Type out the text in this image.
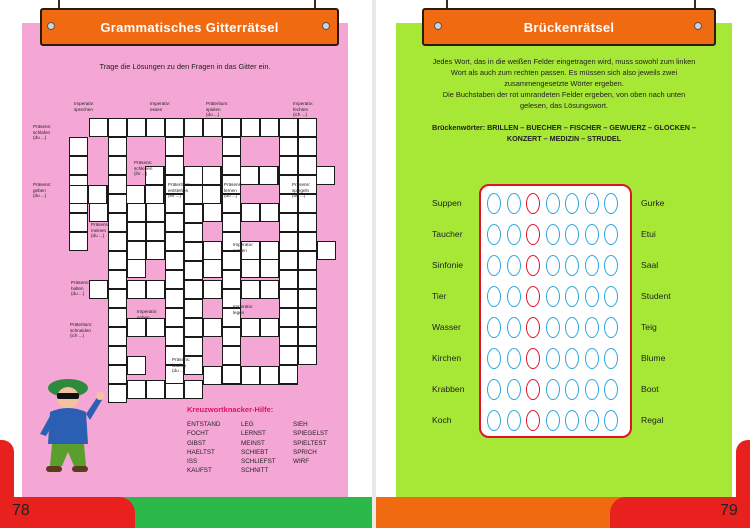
Grammatisches Gitterrätsel
Trage die Lösungen zu den Fragen in das Gitter ein.
Imperativ:
sprechen
Imperativ:
essen
Präteritum:
spielen
(du ...)
Imperativ:
fechten
(ich ...)
Präsens:
schlafen
(du ...)
Präsens:
schleben
(ihr ...)
Präsens:
geben
(du ...)
Präteritum:
entstehen
(es ...)
Präsens:
lernen
(du ...)
Präsens:
spiegeln
(du ...)
Präsens:
meinen
(du ...)
Imperativ:
werfen
Präsens:
halten
(du ...)
Imperativ:
sehen
Imperativ:
legen
Präteritum:
schneiden
(ich ...)
Präsens:
kaufen
(du ...)
Kreuzwortknacker-Hilfe:
ENTSTAND
FOCHT
GIBST
HAELTST
ISS
KAUFST
LEG
LERNST
MEINST
SCHIEBT
SCHLIEFST
SCHNITT
SIEH
SPIEGELST
SPIELTEST
SPRICH
WIRF
78
Brückenrätsel
Jedes Wort, das in die weißen Felder eingetragen wird, muss sowohl zum linken
Wort als auch zum rechten passen. Es müssen sich also jeweils zwei
zusammengesetzte Wörter ergeben.
Die Buchstaben der rot umrandeten Felder ergeben, von oben nach unten
gelesen, das Lösungswort.
Brückenwörter: BRILLEN – BUECHER – FISCHER – GEWUERZ – GLOCKEN –
KONZERT – MEDIZIN – STRUDEL
79
Suppen	Gurke
Taucher	Etui
Sinfonie	Saal
Tier	Student
Wasser	Teig
Kirchen	Blume
Krabben	Boot
Koch	Regal
